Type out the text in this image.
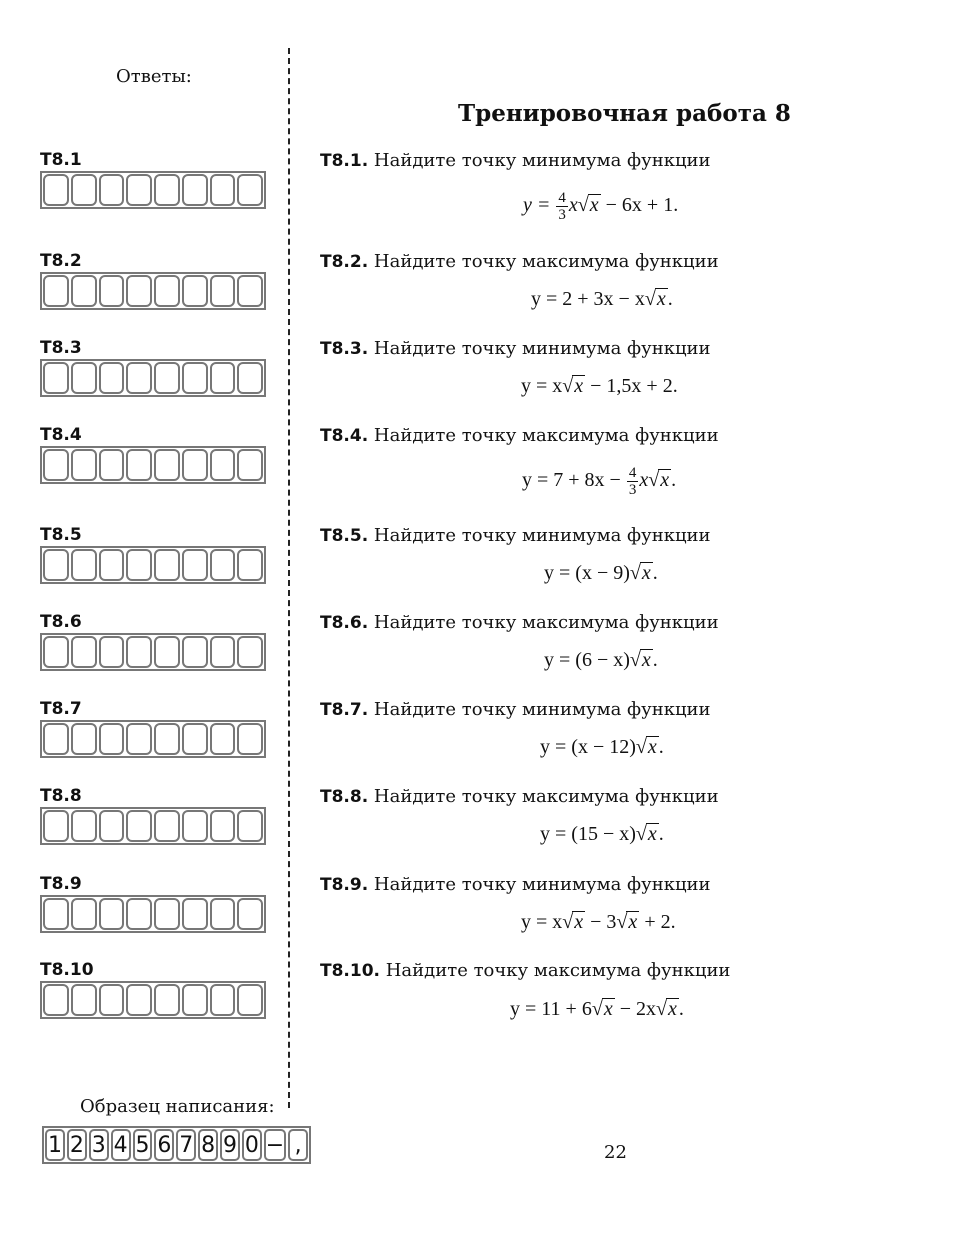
Ответы:
Тренировочная работа 8
T8.1
T8.2
T8.3
T8.4
T8.5
T8.6
T8.7
T8.8
T8.9
T8.10
T8.1. Найдите точку минимума функции
$y = \frac{4}{3} x√x - 6x + 1$.
T8.2. Найдите точку максимума функции
y = 2 + 3x − x√x .
T8.3. Найдите точку минимума функции
y = x√x − 1,5x + 2.
T8.4. Найдите точку максимума функции
$y = 7 + 8x - \frac{4}{3} x√x$ .
T8.5. Найдите точку минимума функции
y = (x − 9)√x .
T8.6. Найдите точку максимума функции
y = (6 − x)√x .
T8.7. Найдите точку минимума функции
y = (x − 12)√x .
T8.8. Найдите точку максимума функции
y = (15 − x)√x .
T8.9. Найдите точку минимума функции
y = x√x − 3√x + 2.
T8.10. Найдите точку максимума функции
y = 11 + 6√x − 2x√x .
Образец написания:
1 2 3 4 5 6 7 8 9 0 − ,	22
